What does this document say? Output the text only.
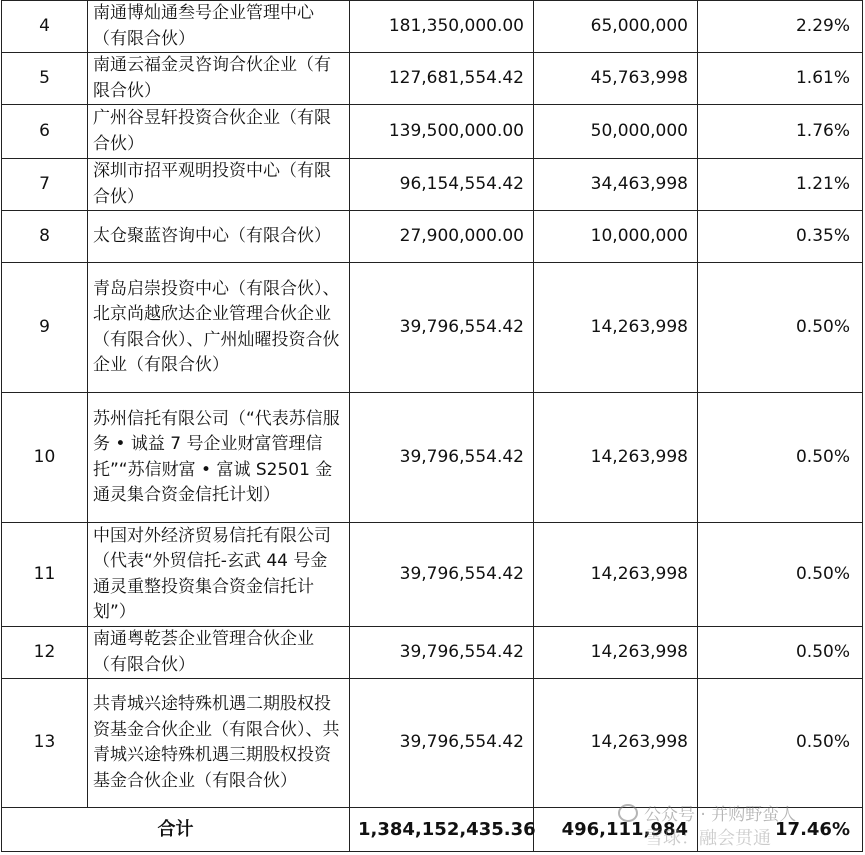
4	南通博灿通叁号企业管理中心（有限合伙）	181,350,000.00	65,000,000	2.29%
5	南通云福金灵咨询合伙企业（有限合伙）	127,681,554.42	45,763,998	1.61%
6	广州谷昱轩投资合伙企业（有限合伙）	139,500,000.00	50,000,000	1.76%
7	深圳市招平观明投资中心（有限合伙）	96,154,554.42	34,463,998	1.21%
8	太仓聚蓝咨询中心（有限合伙）	27,900,000.00	10,000,000	0.35%
9	青岛启崇投资中心（有限合伙）、北京尚越欣达企业管理合伙企业（有限合伙）、广州灿曜投资合伙企业（有限合伙）	39,796,554.42	14,263,998	0.50%
10	苏州信托有限公司（“代表苏信服务 • 诚益 7 号企业财富管理信托”“苏信财富 • 富诚 S2501 金通灵集合资金信托计划）	39,796,554.42	14,263,998	0.50%
11	中国对外经济贸易信托有限公司（代表“外贸信托-玄武 44 号金通灵重整投资集合资金信托计划”）	39,796,554.42	14,263,998	0.50%
12	南通粤乾荟企业管理合伙企业（有限合伙）	39,796,554.42	14,263,998	0.50%
13	共青城兴途特殊机遇二期股权投资基金合伙企业（有限合伙）、共青城兴途特殊机遇三期股权投资基金合伙企业（有限合伙）	39,796,554.42	14,263,998	0.50%
合计		1,384,152,435.36	496,111,984	17.46%
公众号 · 并购野蛮人
雪球：融会贯通
